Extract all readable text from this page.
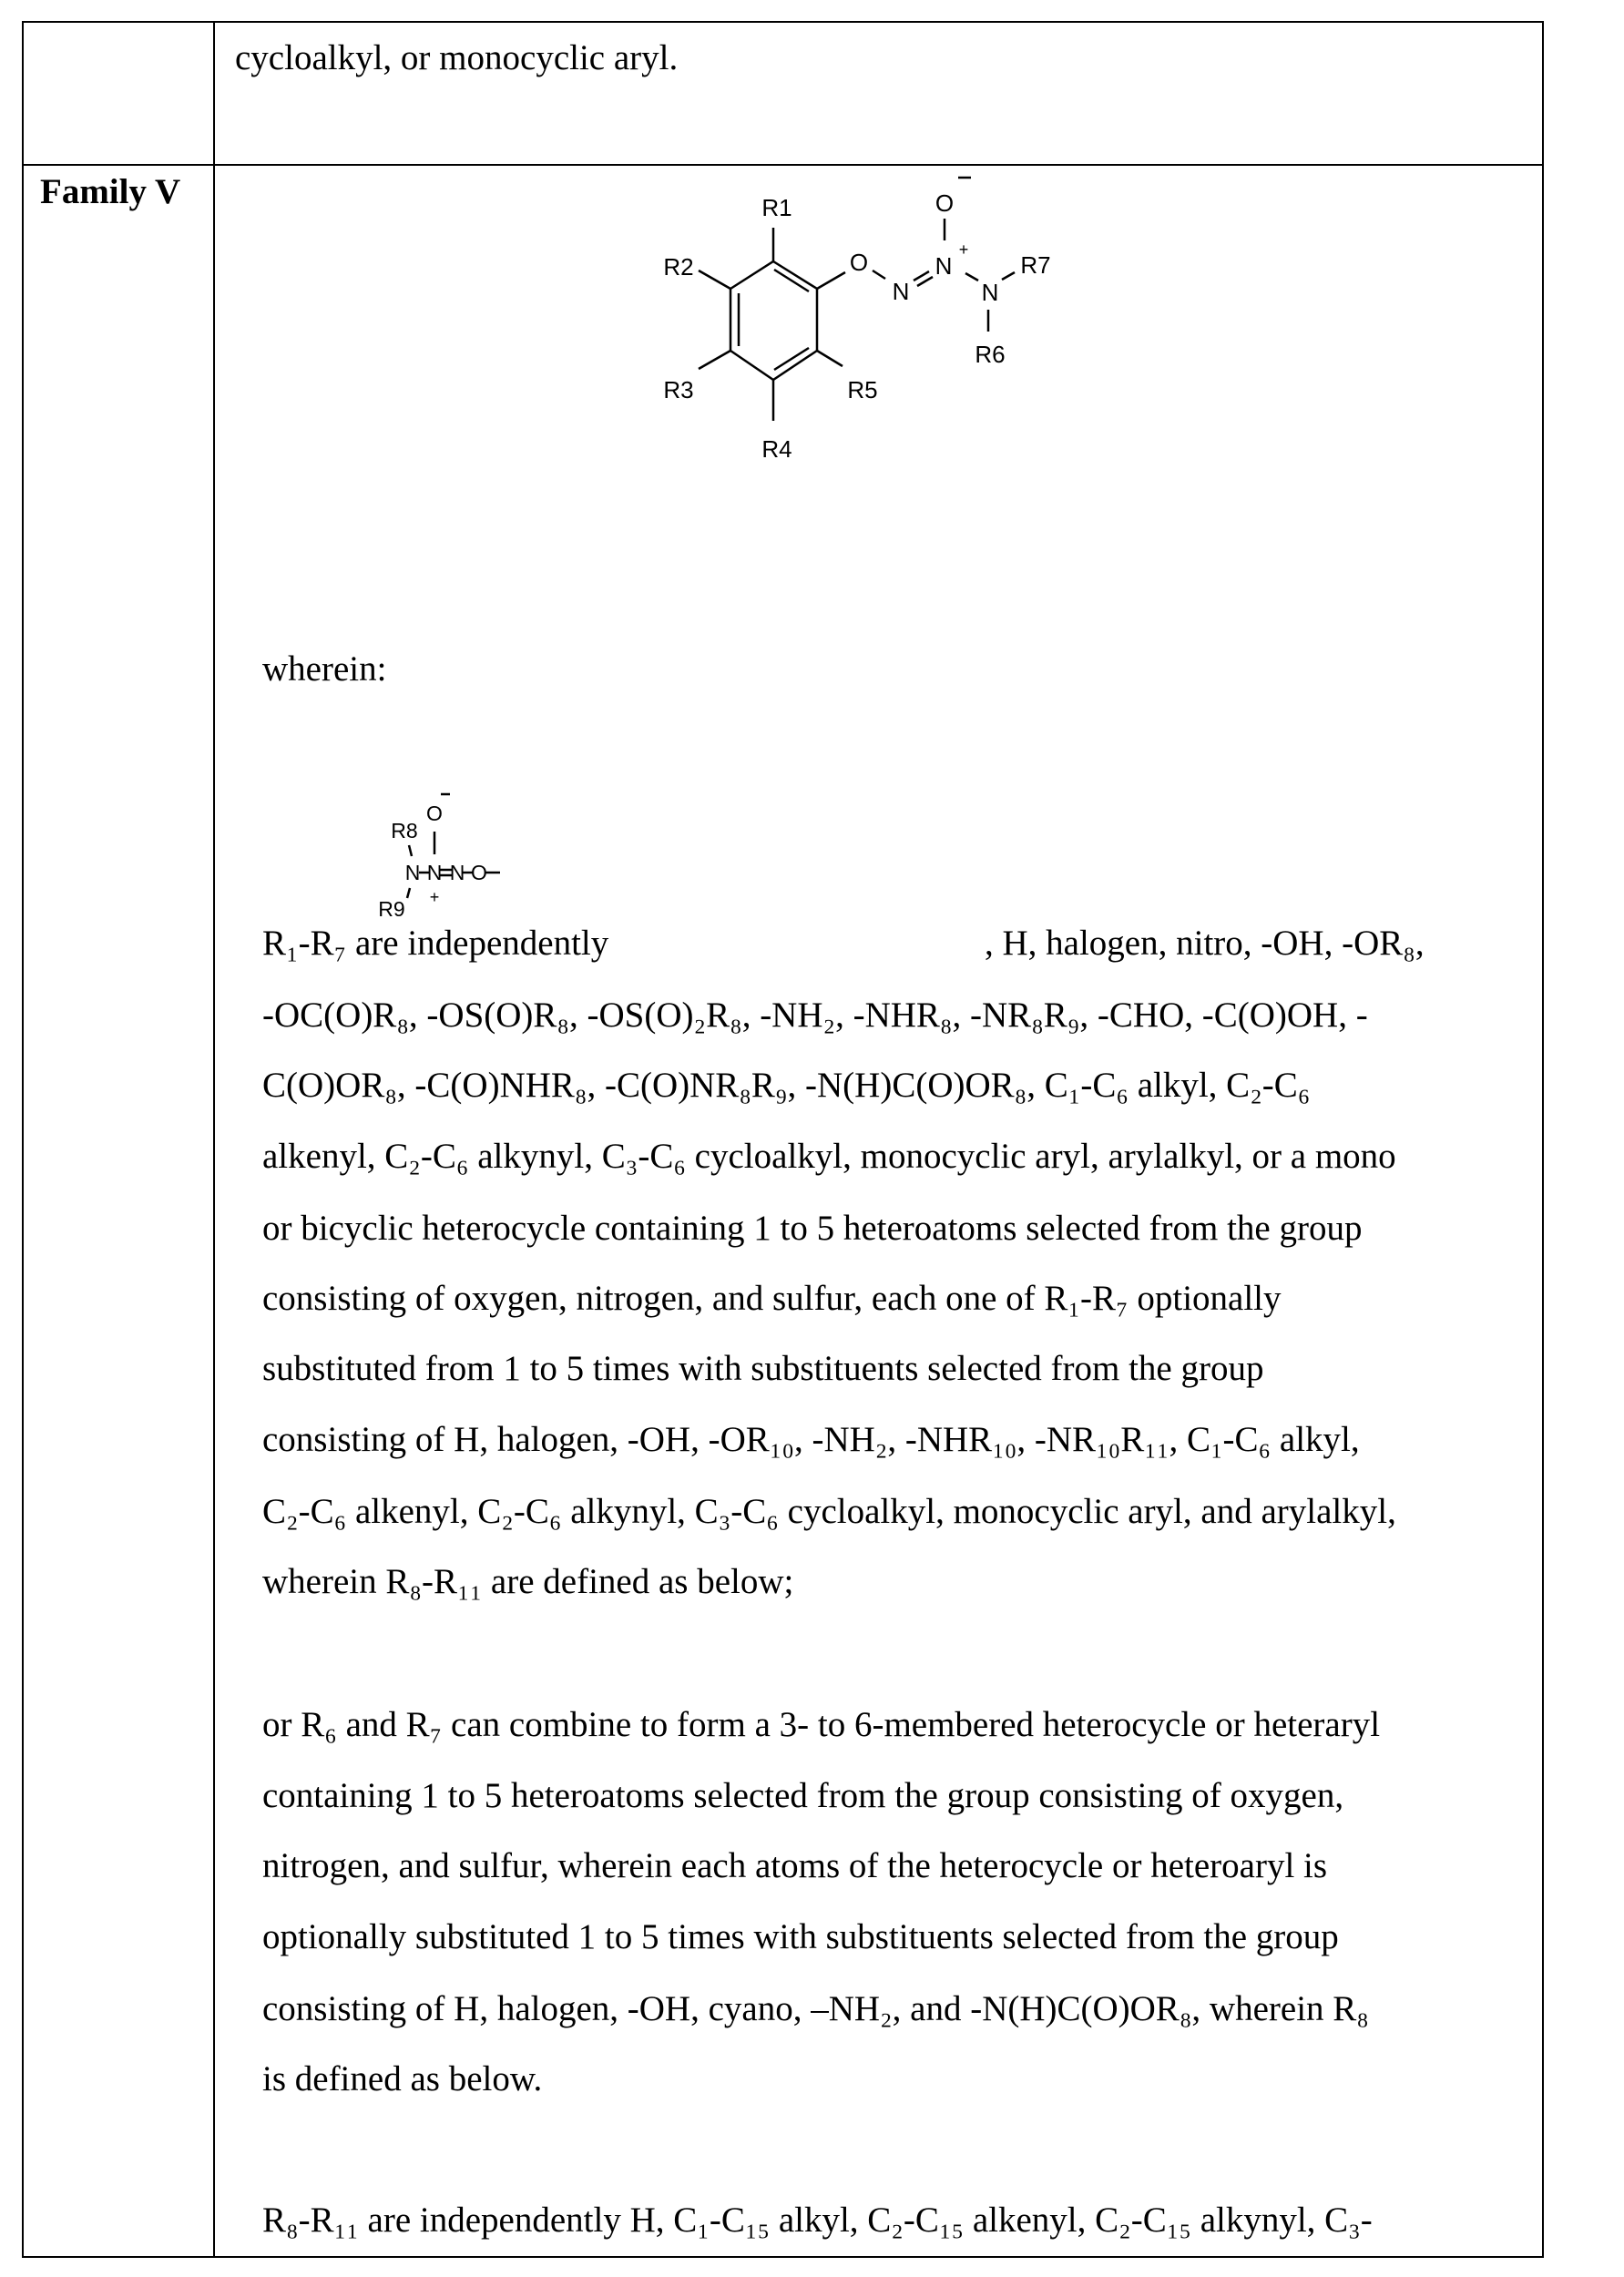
cycloalkyl, or monocyclic aryl.
Family V	R1
R2
R3
R4
R5
R6
R7
O
N
N
N
O
+
R8
R9
N N N O
O
+
wherein:
R₁-R₇ are independently	, H, halogen, nitro, -OH, -OR₈,
-OC(O)R₈, -OS(O)R₈, -OS(O)₂R₈, -NH₂, -NHR₈, -NR₈R₉, -CHO, -C(O)OH, -
C(O)OR₈, -C(O)NHR₈, -C(O)NR₈R₉, -N(H)C(O)OR₈, C₁-C₆ alkyl, C₂-C₆
alkenyl, C₂-C₆ alkynyl, C₃-C₆ cycloalkyl, monocyclic aryl, arylalkyl, or a mono
or bicyclic heterocycle containing 1 to 5 heteroatoms selected from the group
consisting of oxygen, nitrogen, and sulfur, each one of R₁-R₇ optionally
substituted from 1 to 5 times with substituents selected from the group
consisting of H, halogen, -OH, -OR₁₀, -NH₂, -NHR₁₀, -NR₁₀R₁₁, C₁-C₆ alkyl,
C₂-C₆ alkenyl, C₂-C₆ alkynyl, C₃-C₆ cycloalkyl, monocyclic aryl, and arylalkyl,
wherein R₈-R₁₁ are defined as below;
or R₆ and R₇ can combine to form a 3- to 6-membered heterocycle or heteraryl
containing 1 to 5 heteroatoms selected from the group consisting of oxygen,
nitrogen, and sulfur, wherein each atoms of the heterocycle or heteroaryl is
optionally substituted 1 to 5 times with substituents selected from the group
consisting of H, halogen, -OH, cyano, –NH₂, and -N(H)C(O)OR₈, wherein R₈
is defined as below.
R₈-R₁₁ are independently H, C₁-C₁₅ alkyl, C₂-C₁₅ alkenyl, C₂-C₁₅ alkynyl, C₃-
